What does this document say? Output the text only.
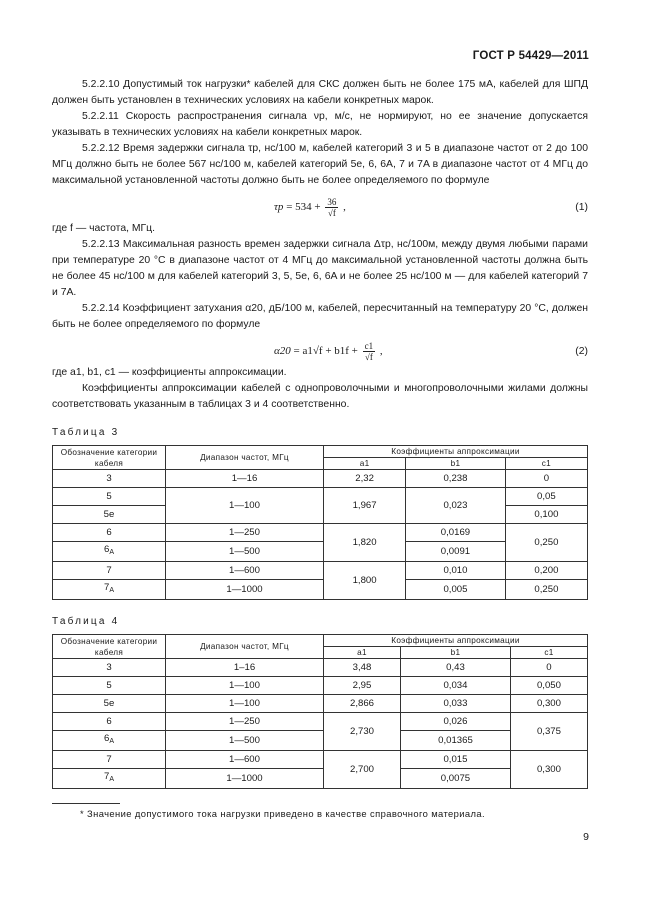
ГОСТ Р 54429—2011

5.2.2.10 Допустимый ток нагрузки* кабелей для СКС должен быть не более 175 мА, кабелей для ШПД должен быть установлен в технических условиях на кабели конкретных марок.

5.2.2.11 Скорость распространения сигнала νp, м/с, не нормируют, но ее значение допускается указывать в технических условиях на кабели конкретных марок.

5.2.2.12 Время задержки сигнала τp, нс/100 м, кабелей категорий 3 и 5 в диапазоне частот от 2 до 100 МГц должно быть не более 567 нс/100 м, кабелей категорий 5е, 6, 6A, 7 и 7A в диапазоне частот от 4 МГц до максимальной установленной частоты должно быть не более определяемого по формуле

$\tau p = 534 + \frac{36}{√f}$ ,	(1)

где f — частота, МГц.

5.2.2.13 Максимальная разность времен задержки сигнала Δτp, нс/100м, между двумя любыми парами при температуре 20 °С в диапазоне частот от 4 МГц до максимальной установленной частоты должна быть не более 45 нс/100 м для кабелей категорий 3, 5, 5е, 6, 6A и не более 25 нс/100 м — для кабелей категорий 7 и 7A.

5.2.2.14 Коэффициент затухания α20, дБ/100 м, кабелей, пересчитанный на температуру 20 °С, должен быть не более определяемого по формуле

$\alpha 20 = a1√f + b1f + \frac{c1}{√f}$ ,	(2)

где a1, b1, c1 — коэффициенты аппроксимации.

Коэффициенты аппроксимации кабелей с однопроволочными и многопроволочными жилами должны соответствовать указанным в таблицах 3 и 4 соответственно.

Таблица 3
Обозначение категории кабеля	Диапазон частот, МГц	Коэффициенты аппроксимации		
		a1	b1	c1
3	1—16	2,32	0,238	0
5	1—100	1,967	0,023	0,05
5е				0,100
6	1—250	1,820	0,0169	0,250
$6_A$	1—500		0,0091	
7	1—600	1,800	0,010	0,200
$7_A$	1—1000		0,005	0,250
Таблица 4
Обозначение категории кабеля	Диапазон частот, МГц	Коэффициенты аппроксимации		
		a1	b1	c1
3	1–16	3,48	0,43	0
5	1—100	2,95	0,034	0,050
5е	1—100	2,866	0,033	0,300
6	1—250	2,730	0,026	0,375
$6_A$	1—500		0,01365	
7	1—600	2,700	0,015	0,300
$7_A$	1—1000		0,0075	
* Значение допустимого тока нагрузки приведено в качестве справочного материала.
9
